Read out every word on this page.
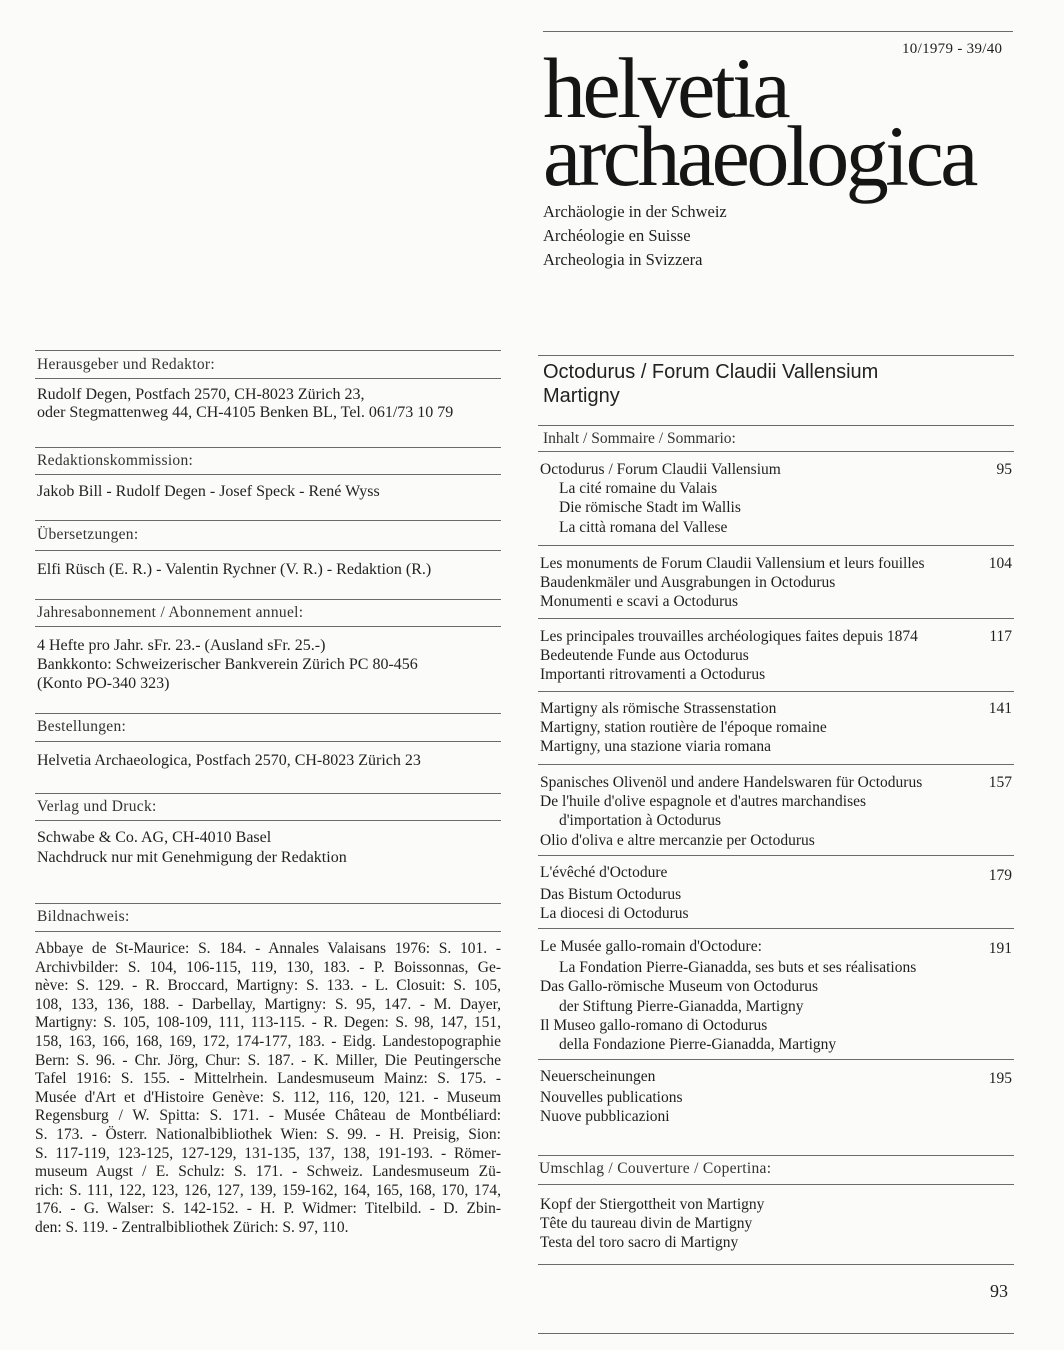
10/1979 - 39/40
helvetia
archaeologica
Archäologie in der Schweiz
Archéologie en Suisse
Archeologia in Svizzera
Herausgeber und Redaktor:
Rudolf Degen, Postfach 2570, CH-8023 Zürich 23,
oder Stegmattenweg 44, CH-4105 Benken BL, Tel. 061/73 10 79
Redaktionskommission:
Jakob Bill - Rudolf Degen - Josef Speck - René Wyss
Übersetzungen:
Elfi Rüsch (E. R.) - Valentin Rychner (V. R.) - Redaktion (R.)
Jahresabonnement / Abonnement annuel:
4 Hefte pro Jahr. sFr. 23.- (Ausland sFr. 25.-)
Bankkonto: Schweizerischer Bankverein Zürich PC 80-456
(Konto PO-340 323)
Bestellungen:
Helvetia Archaeologica, Postfach 2570, CH-8023 Zürich 23
Verlag und Druck:
Schwabe & Co. AG, CH-4010 Basel
Nachdruck nur mit Genehmigung der Redaktion
Bildnachweis:
Abbaye de St-Maurice: S. 184. - Annales Valaisans 1976: S. 101. -
Archivbilder: S. 104, 106-115, 119, 130, 183. - P. Boissonnas, Ge-
nève: S. 129. - R. Broccard, Martigny: S. 133. - L. Closuit: S. 105,
108, 133, 136, 188. - Darbellay, Martigny: S. 95, 147. - M. Dayer,
Martigny: S. 105, 108-109, 111, 113-115. - R. Degen: S. 98, 147, 151,
158, 163, 166, 168, 169, 172, 174-177, 183. - Eidg. Landestopographie
Bern: S. 96. - Chr. Jörg, Chur: S. 187. - K. Miller, Die Peutingersche
Tafel 1916: S. 155. - Mittelrhein. Landesmuseum Mainz: S. 175. -
Musée d'Art et d'Histoire Genève: S. 112, 116, 120, 121. - Museum
Regensburg / W. Spitta: S. 171. - Musée Château de Montbéliard:
S. 173. - Österr. Nationalbibliothek Wien: S. 99. - H. Preisig, Sion:
S. 117-119, 123-125, 127-129, 131-135, 137, 138, 191-193. - Römer-
museum Augst / E. Schulz: S. 171. - Schweiz. Landesmuseum Zü-
rich: S. 111, 122, 123, 126, 127, 139, 159-162, 164, 165, 168, 170, 174,
176. - G. Walser: S. 142-152. - H. P. Widmer: Titelbild. - D. Zbin-
den: S. 119. - Zentralbibliothek Zürich: S. 97, 110.
Octodurus / Forum Claudii Vallensium
Martigny
Inhalt / Sommaire / Sommario:
Octodurus / Forum Claudii Vallensium	95
La cité romaine du Valais
Die römische Stadt im Wallis
La città romana del Vallese
Les monuments de Forum Claudii Vallensium et leurs fouilles	104
Baudenkmäler und Ausgrabungen in Octodurus
Monumenti e scavi a Octodurus
Les principales trouvailles archéologiques faites depuis 1874	117
Bedeutende Funde aus Octodurus
Importanti ritrovamenti a Octodurus
Martigny als römische Strassenstation	141
Martigny, station routière de l'époque romaine
Martigny, una stazione viaria romana
Spanisches Olivenöl und andere Handelswaren für Octodurus	157
De l'huile d'olive espagnole et d'autres marchandises
d'importation à Octodurus
Olio d'oliva e altre mercanzie per Octodurus
L'évêché d'Octodure	179
Das Bistum Octodurus
La diocesi di Octodurus
Le Musée gallo-romain d'Octodure:	191
La Fondation Pierre-Gianadda, ses buts et ses réalisations
Das Gallo-römische Museum von Octodurus
der Stiftung Pierre-Gianadda, Martigny
Il Museo gallo-romano di Octodurus
della Fondazione Pierre-Gianadda, Martigny
Neuerscheinungen	195
Nouvelles publications
Nuove pubblicazioni
Umschlag / Couverture / Copertina:
Kopf der Stiergottheit von Martigny
Tête du taureau divin de Martigny
Testa del toro sacro di Martigny
93
